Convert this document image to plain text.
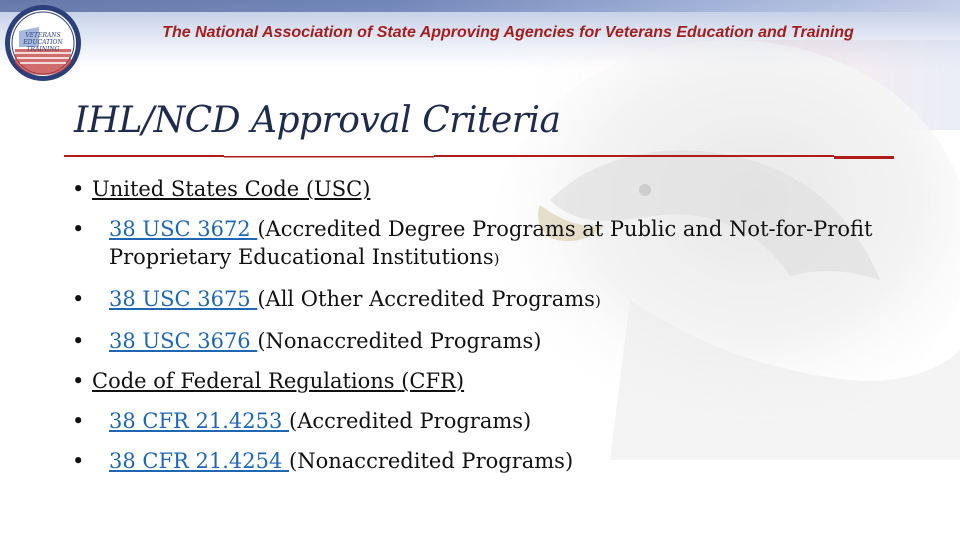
VETERANS
EDUCATION
TRAINING
The National Association of State Approving Agencies for Veterans Education and Training
IHL/NCD Approval Criteria
• United States Code (USC)
• 38 USC 3672 (Accredited Degree Programs at Public and Not-for-Profit Proprietary Educational Institutions)
• 38 USC 3675 (All Other Accredited Programs)
• 38 USC 3676 (Nonaccredited Programs)
• Code of Federal Regulations (CFR)
• 38 CFR 21.4253 (Accredited Programs)
• 38 CFR 21.4254 (Nonaccredited Programs)
